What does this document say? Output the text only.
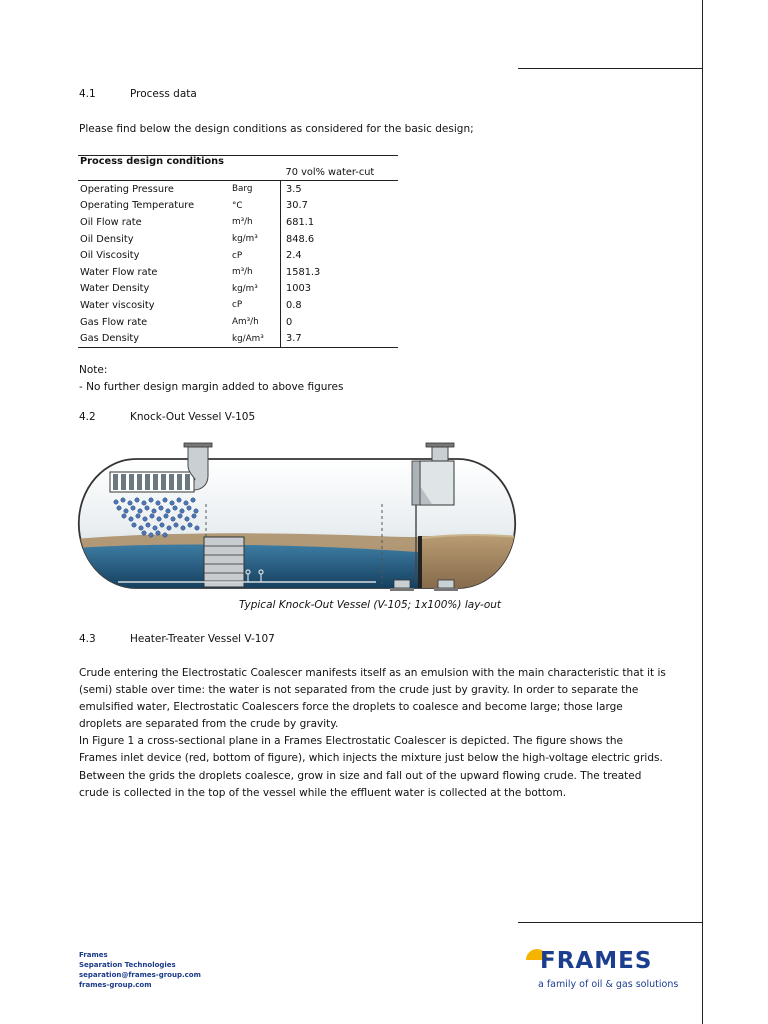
4.1	Process data
Please find below the design conditions as considered for the basic design;
Process design conditions		70 vol% water-cut
Operating Pressure	Barg	3.5
Operating Temperature	°C	30.7
Oil Flow rate	m³/h	681.1
Oil Density	kg/m³	848.6
Oil Viscosity	cP	2.4
Water Flow rate	m³/h	1581.3
Water Density	kg/m³	1003
Water viscosity	cP	0.8
Gas Flow rate	Am³/h	0
Gas Density	kg/Am³	3.7
Note:
- No further design margin added to above figures
4.2	Knock-Out Vessel V-105
Typical Knock-Out Vessel (V-105; 1x100%) lay-out
4.3	Heater-Treater Vessel V-107
Crude entering the Electrostatic Coalescer manifests itself as an emulsion with the main characteristic that it is
(semi) stable over time: the water is not separated from the crude just by gravity. In order to separate the
emulsified water, Electrostatic Coalescers force the droplets to coalesce and become large; those large
droplets are separated from the crude by gravity.
In Figure 1 a cross-sectional plane in a Frames Electrostatic Coalescer is depicted. The figure shows the
Frames inlet device (red, bottom of figure), which injects the mixture just below the high-voltage electric grids.
Between the grids the droplets coalesce, grow in size and fall out of the upward flowing crude. The treated
crude is collected in the top of the vessel while the effluent water is collected at the bottom.
Frames
Separation Technologies
separation@frames-group.com
frames-group.com
FRAMES
a family of oil & gas solutions
